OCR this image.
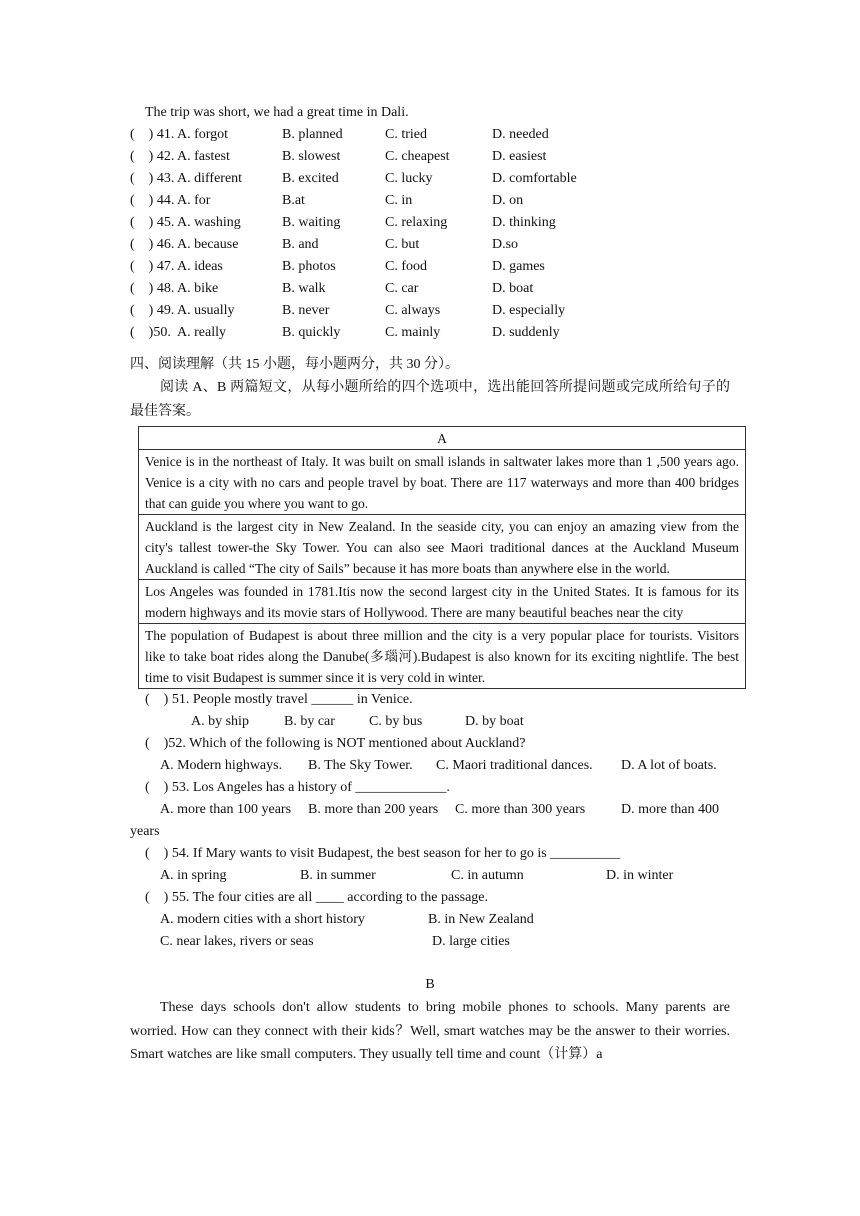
The trip was short, we had a great time in Dali.
(    ) 41. A. forgot	B. planned	C. tried	D. needed
(    ) 42. A. fastest	B. slowest	C. cheapest	D. easiest
(    ) 43. A. different	B. excited	C. lucky	D. comfortable
(    ) 44. A. for	B.at	C. in	D. on
(    ) 45. A. washing	B. waiting	C. relaxing	D. thinking
(    ) 46. A. because	B. and	C. but	D.so
(    ) 47. A. ideas	B. photos	C. food	D. games
(    ) 48. A. bike	B. walk	C. car	D. boat
(    ) 49. A. usually	B. never	C. always	D. especially
(    )50. A. really	B. quickly	C. mainly	D. suddenly
四、阅读理解（共 15 小题，每小题两分，共 30 分）。
阅读 A、B 两篇短文，从每小题所给的四个选项中，选出能回答所提问题或完成所给句子的最佳答案。
A
Venice is in the northeast of Italy. It was built on small islands in saltwater lakes more than 1 ,500 years ago. Venice is a city with no cars and people travel by boat. There are 117 waterways and more than 400 bridges that can guide you where you want to go.
Auckland is the largest city in New Zealand. In the seaside city, you can enjoy an amazing view from the city's tallest tower-the Sky Tower. You can also see Maori traditional dances at the Auckland Museum Auckland is called “The city of Sails” because it has more boats than anywhere else in the world.
Los Angeles was founded in 1781.Itis now the second largest city in the United States. It is famous for its modern highways and its movie stars of Hollywood. There are many beautiful beaches near the city
The population of Budapest is about three million and the city is a very popular place for tourists. Visitors like to take boat rides along the Danube(多瑙河).Budapest is also known for its exciting nightlife. The best time to visit Budapest is summer since it is very cold in winter.
(    ) 51. People mostly travel ______ in Venice.
A. by ship	B. by car C. by bus	D. by boat
(    )52. Which of the following is NOT mentioned about Auckland?
A. Modern highways. B. The Sky Tower. C. Maori traditional dances. D. A lot of boats.
(    ) 53. Los Angeles has a history of _____________.
A. more than 100 years B. more than 200 years C. more than 300 years	D. more than 400
years
(    ) 54. If Mary wants to visit Budapest, the best season for her to go is __________
A. in spring	B. in summer	C. in autumn	D. in winter
(    ) 55. The four cities are all ____ according to the passage.
A. modern cities with a short history	B. in New Zealand
C. near lakes, rivers or seas	D. large cities
B
These days schools don't allow students to bring mobile phones to schools. Many parents are worried. How can they connect with their kids？Well, smart watches may be the answer to their worries. Smart watches are like small computers. They usually tell time and count（计算）a
